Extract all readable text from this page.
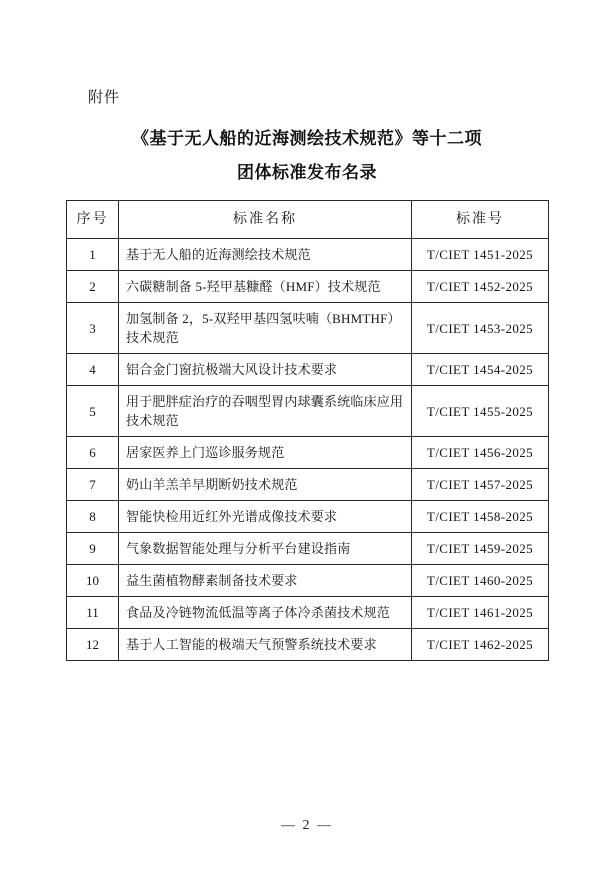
附件
《基于无人船的近海测绘技术规范》等十二项
团体标准发布名录
序号	标准名称	标准号
1	基于无人船的近海测绘技术规范	T/CIET 1451-2025
2	六碳糖制备 5-羟甲基糠醛（HMF）技术规范	T/CIET 1452-2025
3	加氢制备 2，5-双羟甲基四氢呋喃（BHMTHF）技术规范	T/CIET 1453-2025
4	铝合金门窗抗极端大风设计技术要求	T/CIET 1454-2025
5	用于肥胖症治疗的吞咽型胃内球囊系统临床应用技术规范	T/CIET 1455-2025
6	居家医养上门巡诊服务规范	T/CIET 1456-2025
7	奶山羊羔羊早期断奶技术规范	T/CIET 1457-2025
8	智能快检用近红外光谱成像技术要求	T/CIET 1458-2025
9	气象数据智能处理与分析平台建设指南	T/CIET 1459-2025
10	益生菌植物酵素制备技术要求	T/CIET 1460-2025
11	食品及冷链物流低温等离子体冷杀菌技术规范	T/CIET 1461-2025
12	基于人工智能的极端天气预警系统技术要求	T/CIET 1462-2025
— 2 —
